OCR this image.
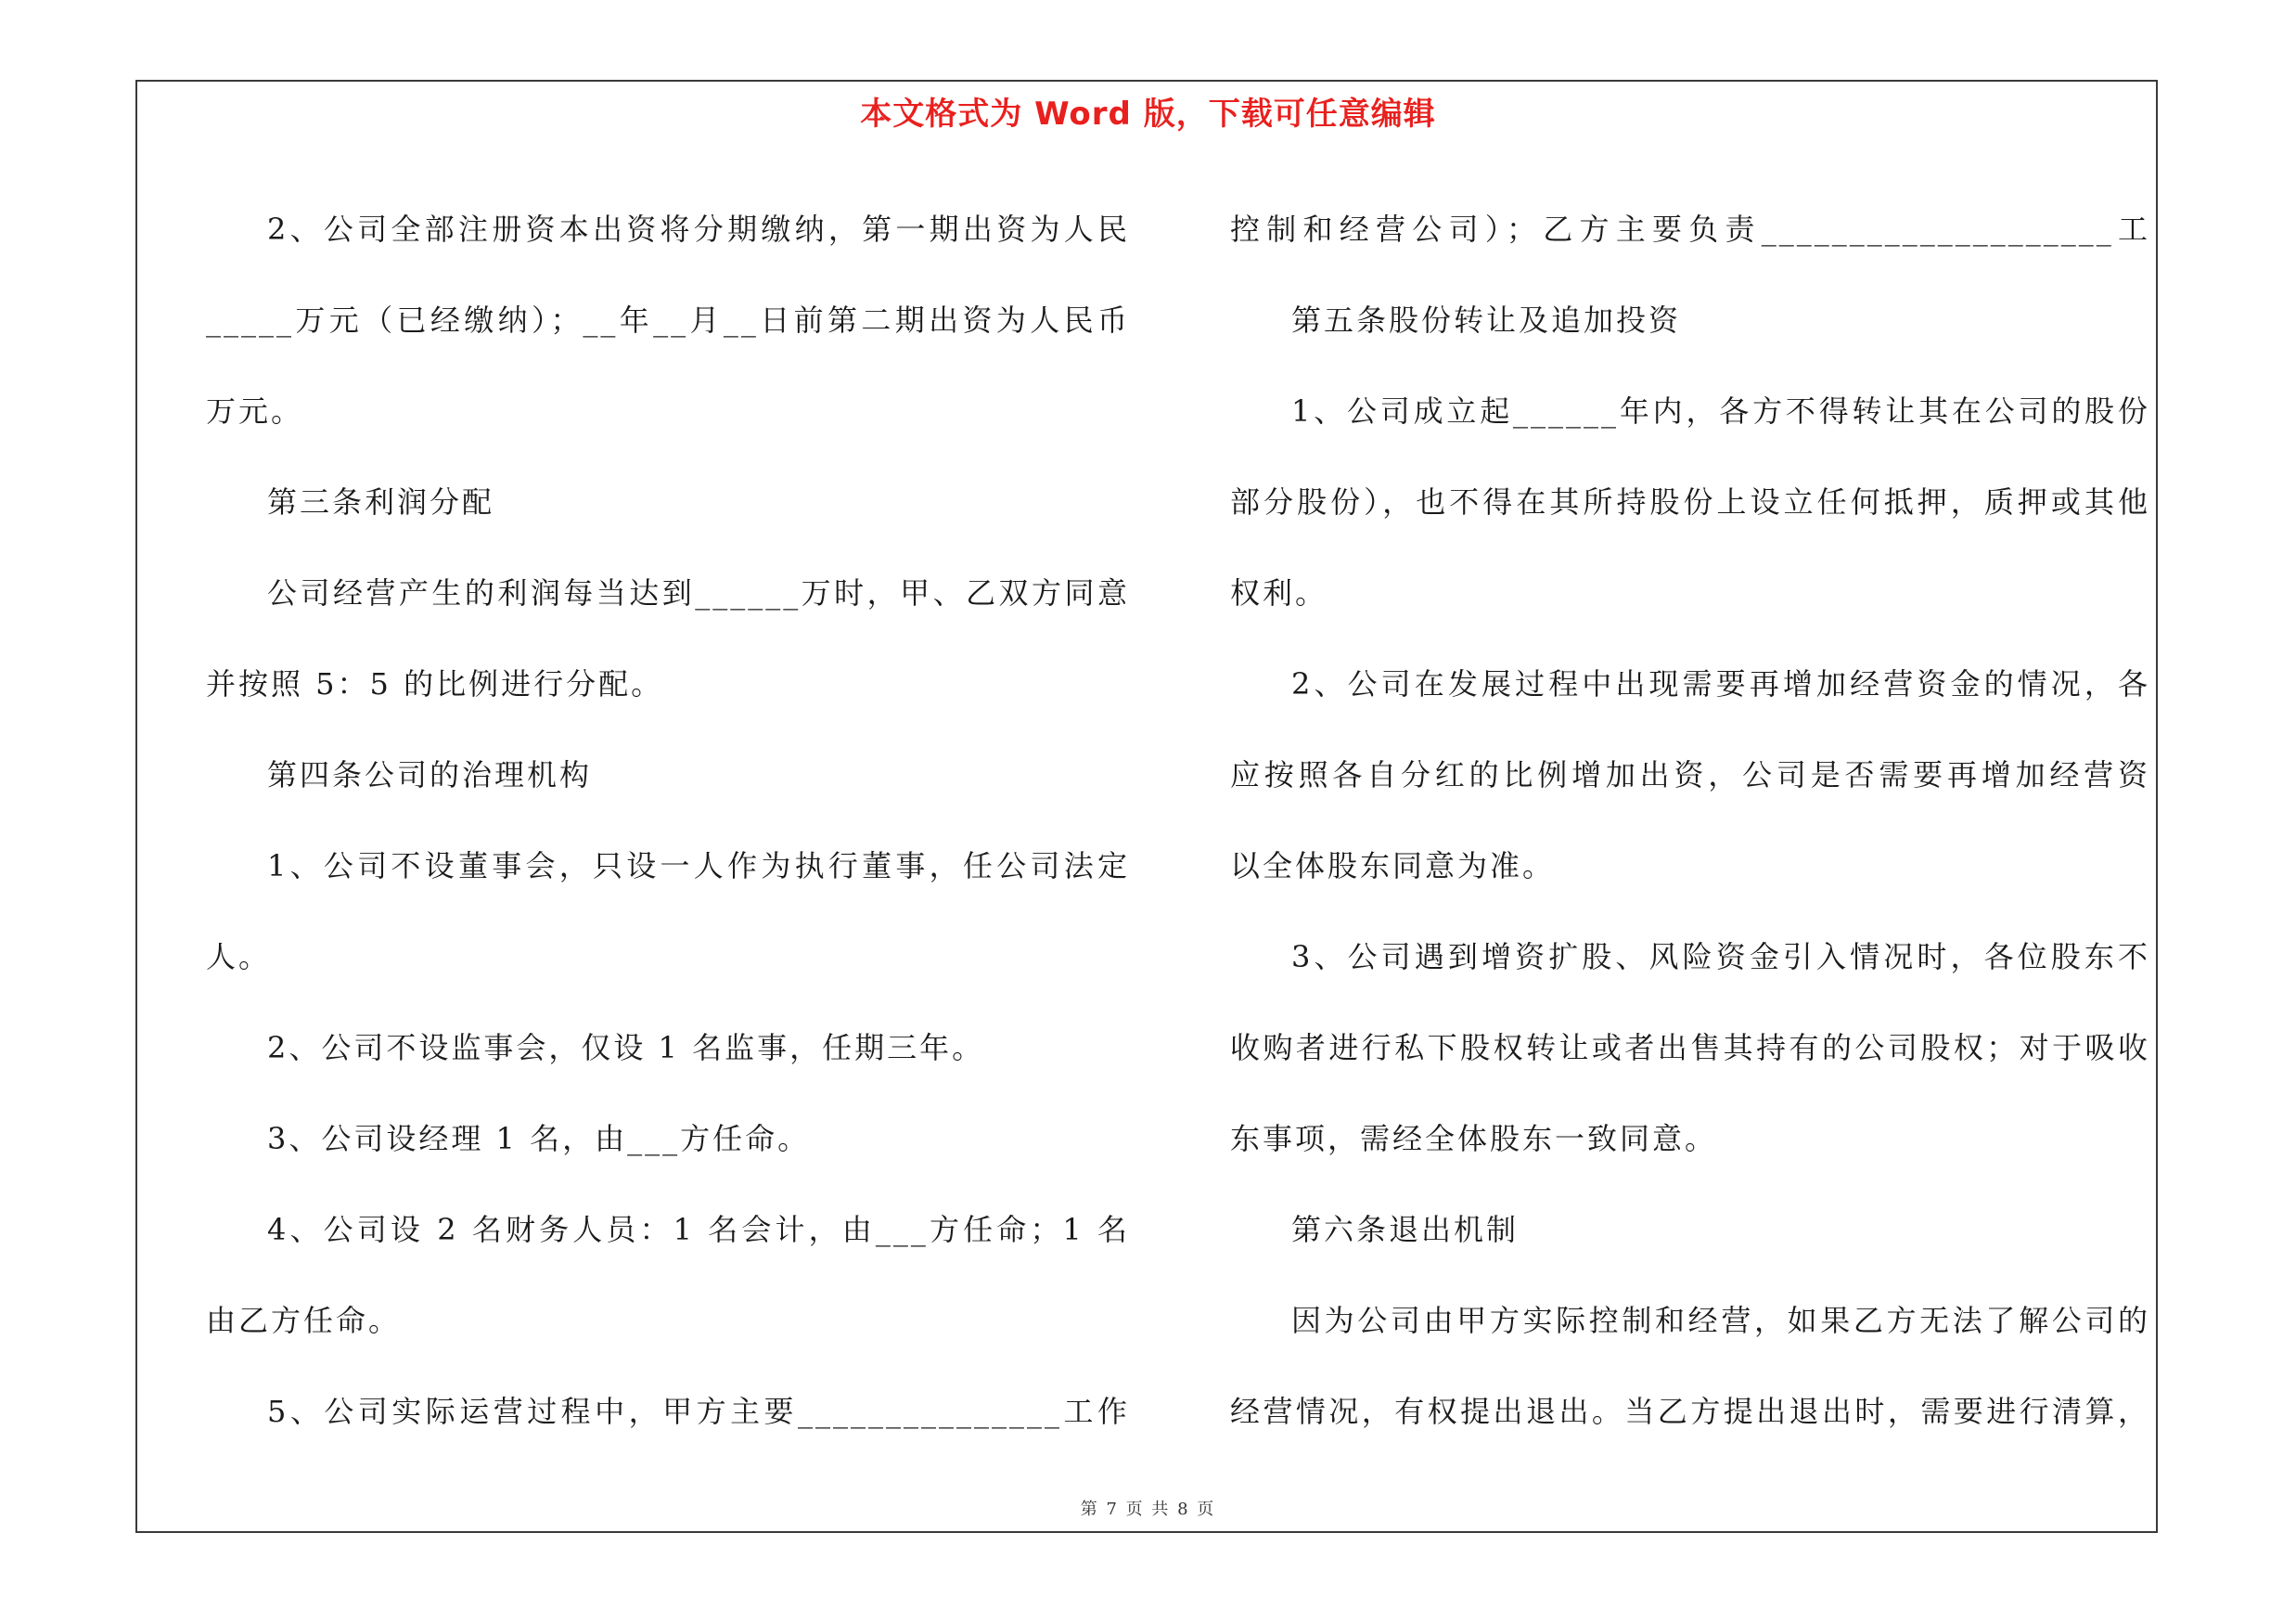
本文格式为 Word 版，下载可任意编辑
2、公司全部注册资本出资将分期缴纳，第一期出资为人民
_____万元（已经缴纳）；__年__月__日前第二期出资为人民币
万元。
第三条利润分配
公司经营产生的利润每当达到______万时，甲、乙双方同意
并按照 5：5 的比例进行分配。
第四条公司的治理机构
1、公司不设董事会，只设一人作为执行董事，任公司法定
人。
2、公司不设监事会，仅设 1 名监事，任期三年。
3、公司设经理 1 名，由___方任命。
4、公司设 2 名财务人员：1 名会计，由___方任命；1 名
由乙方任命。
5、公司实际运营过程中，甲方主要_______________工作
控制和经营公司）；乙方主要负责____________________工
第五条股份转让及追加投资
1、公司成立起______年内，各方不得转让其在公司的股份
部分股份），也不得在其所持股份上设立任何抵押，质押或其他
权利。
2、公司在发展过程中出现需要再增加经营资金的情况，各
应按照各自分红的比例增加出资，公司是否需要再增加经营资
以全体股东同意为准。
3、公司遇到增资扩股、风险资金引入情况时，各位股东不
收购者进行私下股权转让或者出售其持有的公司股权；对于吸收
东事项，需经全体股东一致同意。
第六条退出机制
因为公司由甲方实际控制和经营，如果乙方无法了解公司的
经营情况，有权提出退出。当乙方提出退出时，需要进行清算，
第 7 页 共 8 页
